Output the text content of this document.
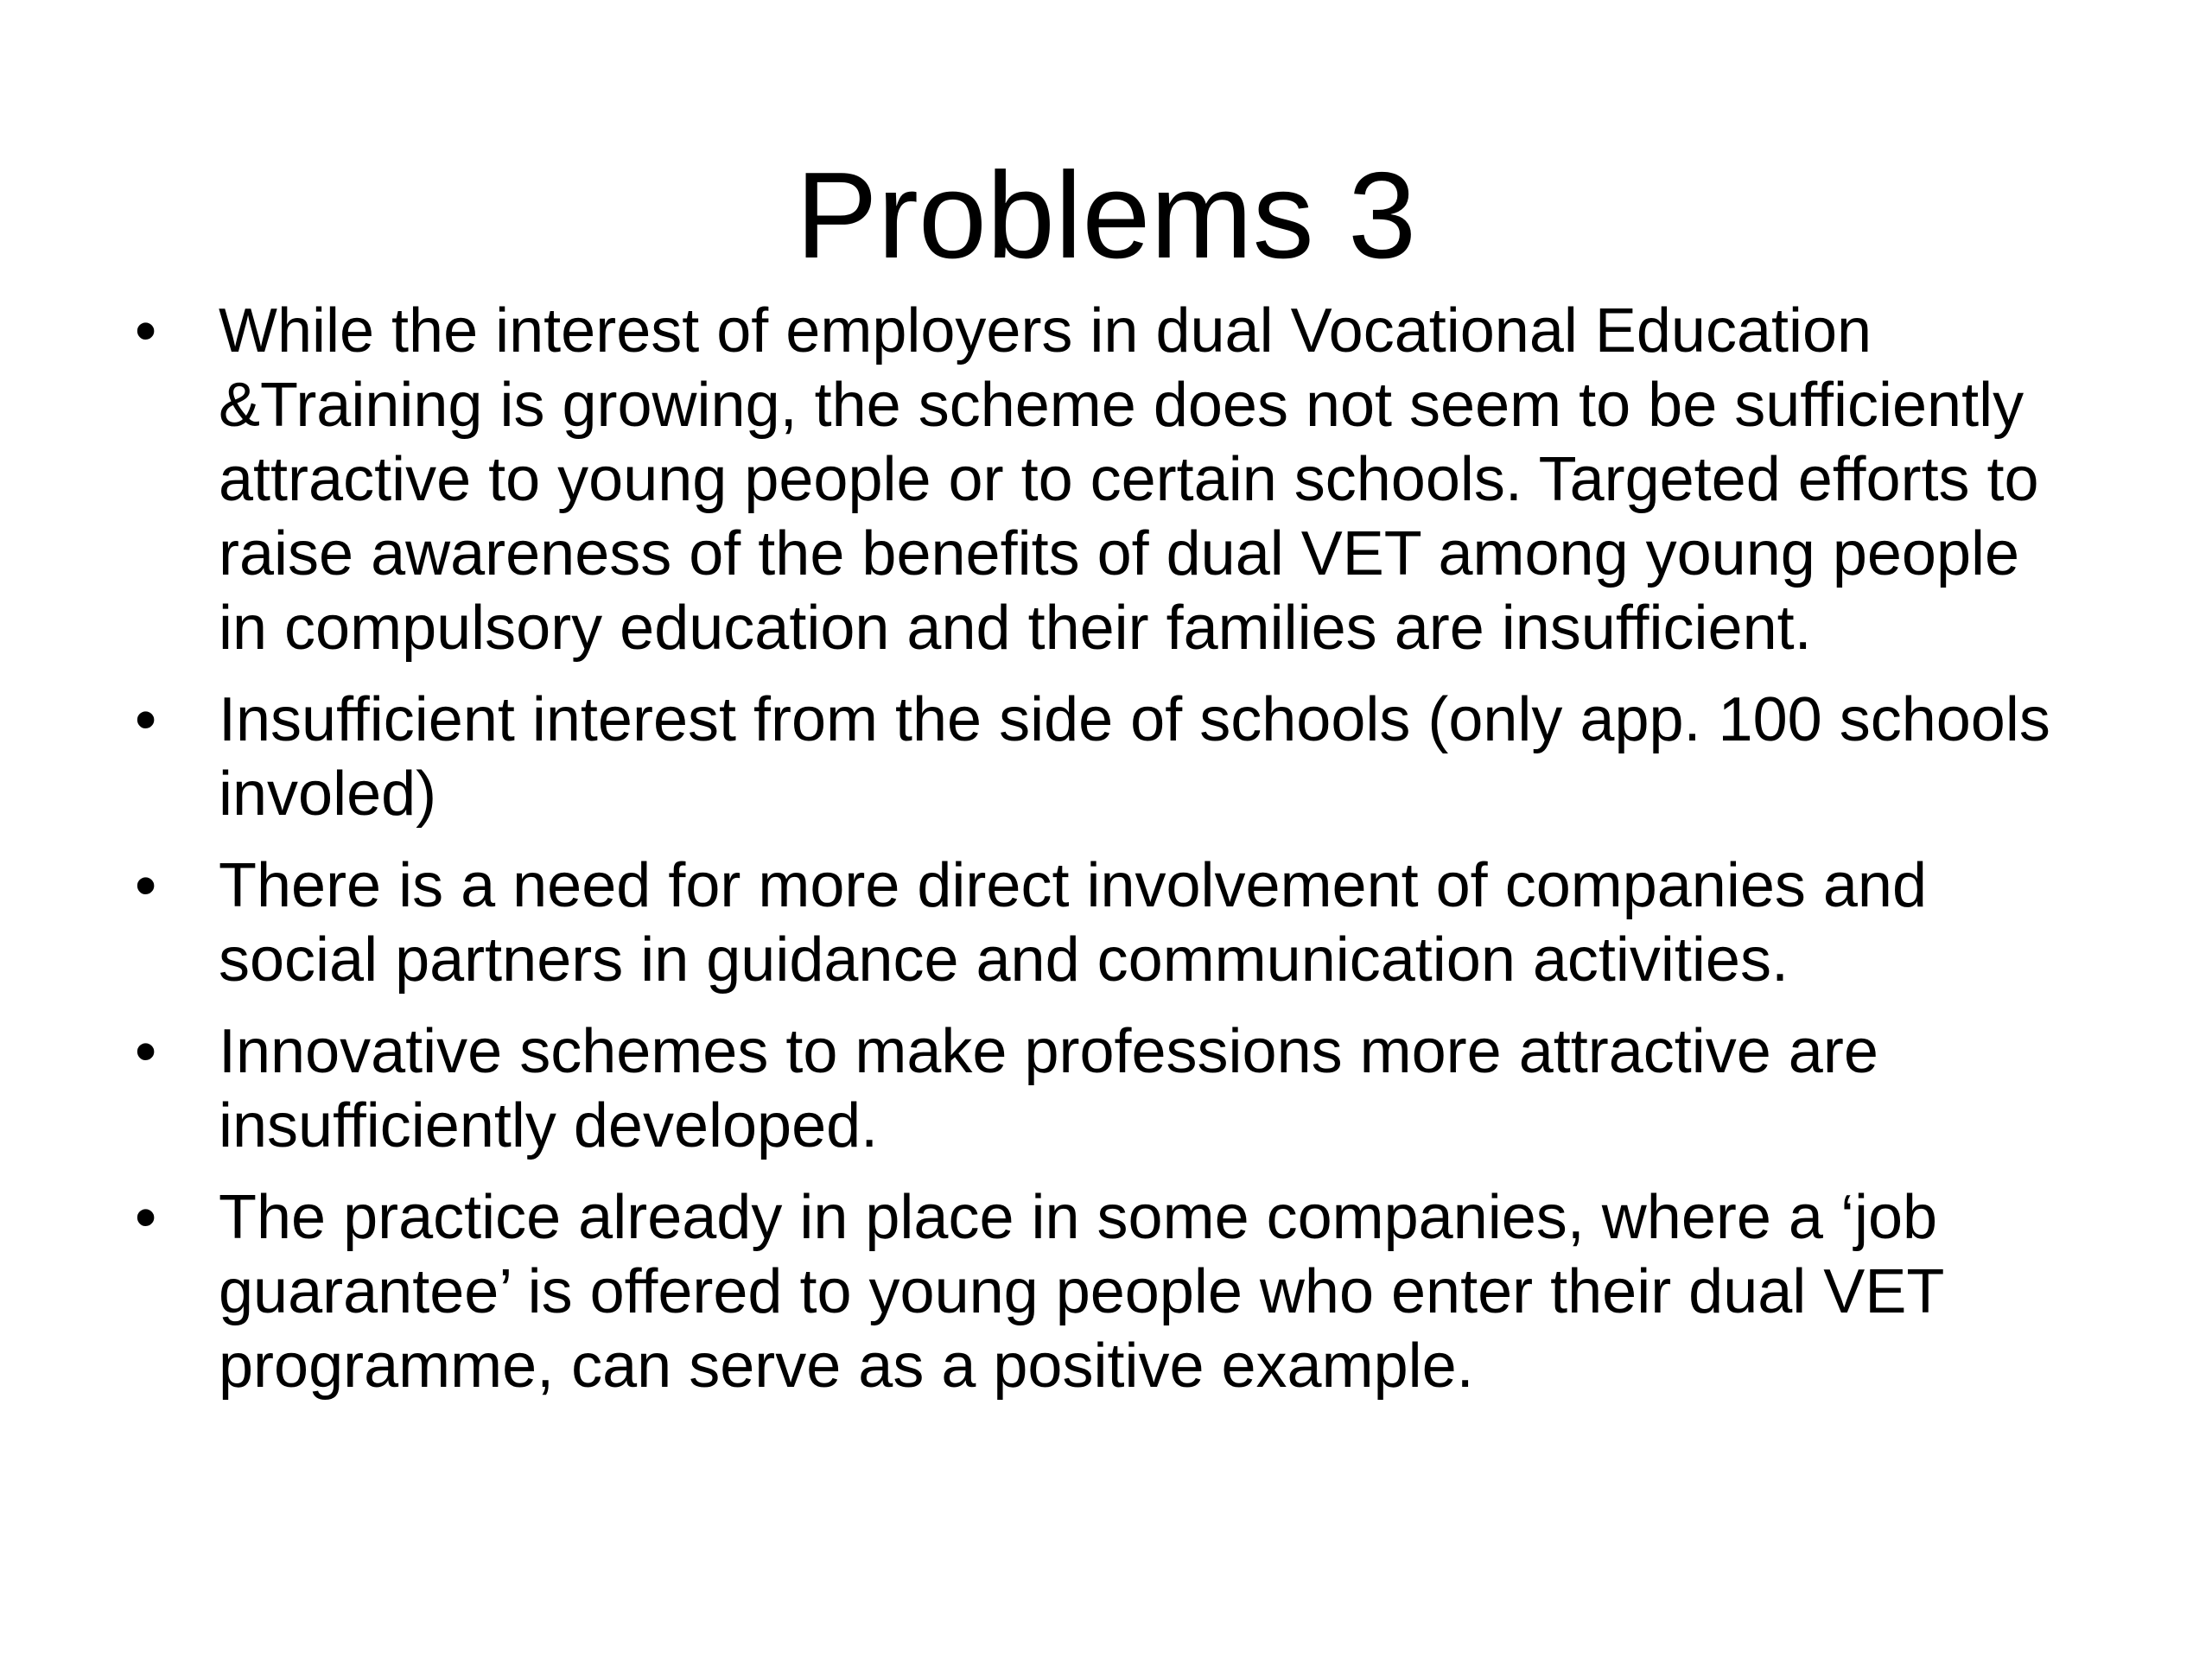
Problems 3
• While the interest of employers in dual Vocational Education &Training is growing, the scheme does not seem to be sufficiently attractive to young people or to certain schools. Targeted efforts to raise awareness of the benefits of dual VET among young people in compulsory education and their families are insufficient.
• Insufficient interest from the side of schools (only app. 100 schools involed)
• There is a need for more direct involvement of companies and social partners in guidance and communication activities.
• Innovative schemes to make professions more attractive are insufficiently developed.
• The practice already in place in some companies, where a ‘job guarantee’ is offered to young people who enter their dual VET programme, can serve as a positive example.
